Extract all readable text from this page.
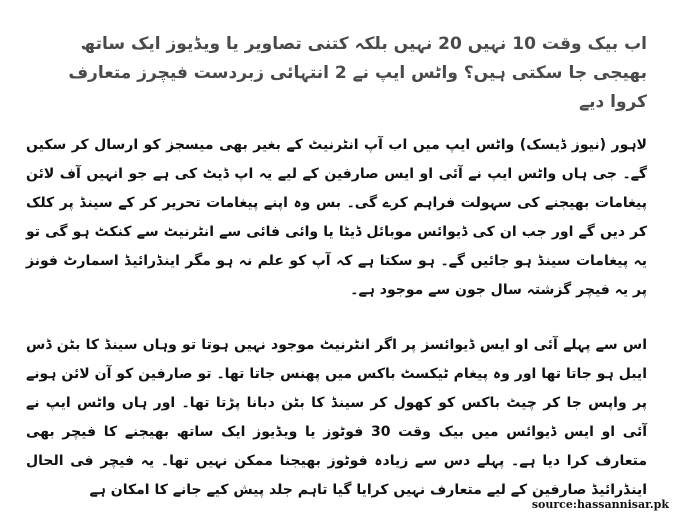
اب بیک وقت 10 نہیں 20 نہیں بلکہ کتنی تصاویر یا ویڈیوز ایک ساتھ بھیجی جا سکتی ہیں؟ واٹس ایپ نے 2 انتہائی زبردست فیچرز متعارف کروا دیے

لاہور (نیوز ڈیسک) واٹس ایپ میں اب آپ انٹرنیٹ کے بغیر بھی میسجز کو ارسال کر سکیں گے۔ جی ہاں واٹس ایپ نے آئی او ایس صارفین کے لیے یہ اپ ڈیٹ کی ہے جو انہیں آف لائن پیغامات بھیجنے کی سہولت فراہم کرے گی۔ بس وہ اپنے پیغامات تحریر کر کے سینڈ پر کلک کر دیں گے اور جب ان کی ڈیوائس موبائل ڈیٹا یا وائی فائی سے انٹرنیٹ سے کنکٹ ہو گی تو یہ پیغامات سینڈ ہو جائیں گے۔ ہو سکتا ہے کہ آپ کو علم نہ ہو مگر اینڈرائیڈ اسمارٹ فونز پر یہ فیچر گزشتہ سال جون سے موجود ہے۔

اس سے پہلے آئی او ایس ڈیوائسز پر اگر انٹرنیٹ موجود نہیں ہوتا تو وہاں سینڈ کا بٹن ڈس ایبل ہو جاتا تھا اور وہ پیغام ٹیکسٹ باکس میں پھنس جاتا تھا۔ تو صارفین کو آن لائن ہونے پر واپس جا کر چیٹ باکس کو کھول کر سینڈ کا بٹن دبانا پڑتا تھا۔ اور ہاں واٹس ایپ نے آئی او ایس ڈیوائس میں بیک وقت 30 فوٹوز یا ویڈیوز ایک ساتھ بھیجنے کا فیچر بھی متعارف کرا دیا ہے۔ پہلے دس سے زیادہ فوٹوز بھیجنا ممکن نہیں تھا۔ یہ فیچر فی الحال اینڈرائیڈ صارفین کے لیے متعارف نہیں کرایا گیا تاہم جلد پیش کیے جانے کا امکان ہے

source:hassannisar.pk
